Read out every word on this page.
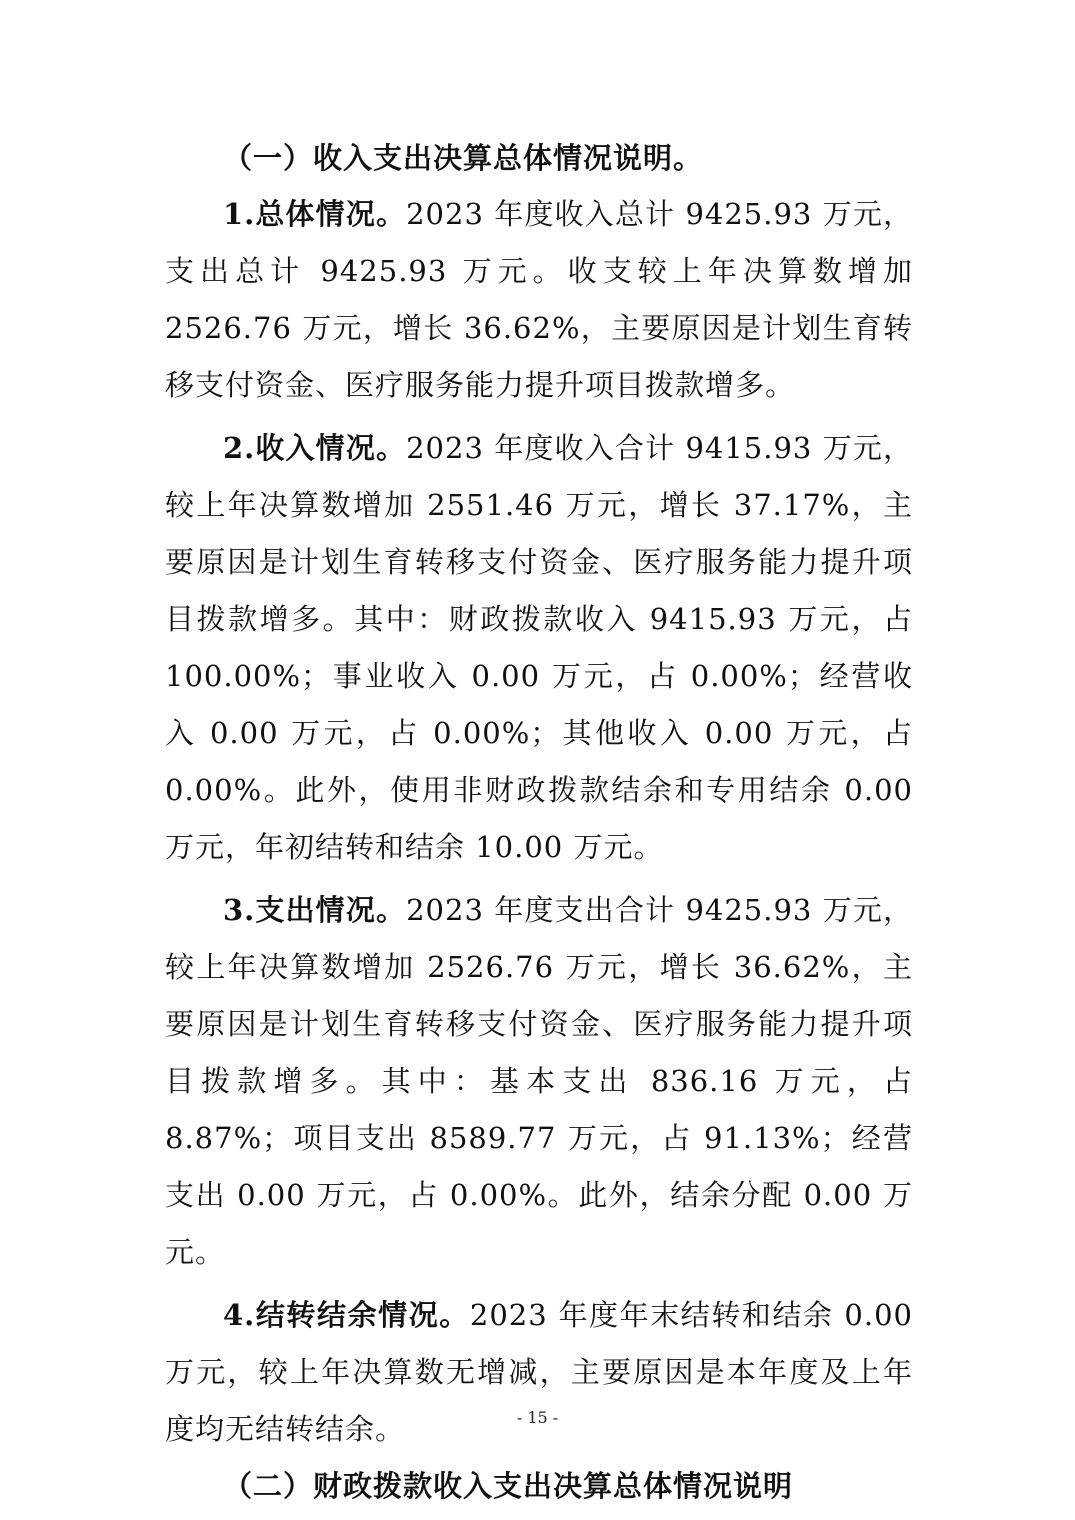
（一）收入支出决算总体情况说明。

1.总体情况。2023 年度收入总计 9425.93 万元，支出总计 9425.93 万元。收支较上年决算数增加 2526.76 万元，增长 36.62%，主要原因是计划生育转移支付资金、医疗服务能力提升项目拨款增多。

2.收入情况。2023 年度收入合计 9415.93 万元，较上年决算数增加 2551.46 万元，增长 37.17%，主要原因是计划生育转移支付资金、医疗服务能力提升项目拨款增多。其中：财政拨款收入 9415.93 万元，占 100.00%；事业收入 0.00 万元，占 0.00%；经营收入 0.00 万元，占 0.00%；其他收入 0.00 万元，占 0.00%。此外，使用非财政拨款结余和专用结余 0.00 万元，年初结转和结余 10.00 万元。

3.支出情况。2023 年度支出合计 9425.93 万元，较上年决算数增加 2526.76 万元，增长 36.62%，主要原因是计划生育转移支付资金、医疗服务能力提升项目拨款增多。其中：基本支出 836.16 万元，占 8.87%；项目支出 8589.77 万元，占 91.13%；经营支出 0.00 万元，占 0.00%。此外，结余分配 0.00 万元。

4.结转结余情况。2023 年度年末结转和结余 0.00 万元，较上年决算数无增减，主要原因是本年度及上年度均无结转结余。

（二）财政拨款收入支出决算总体情况说明

- 15 -
